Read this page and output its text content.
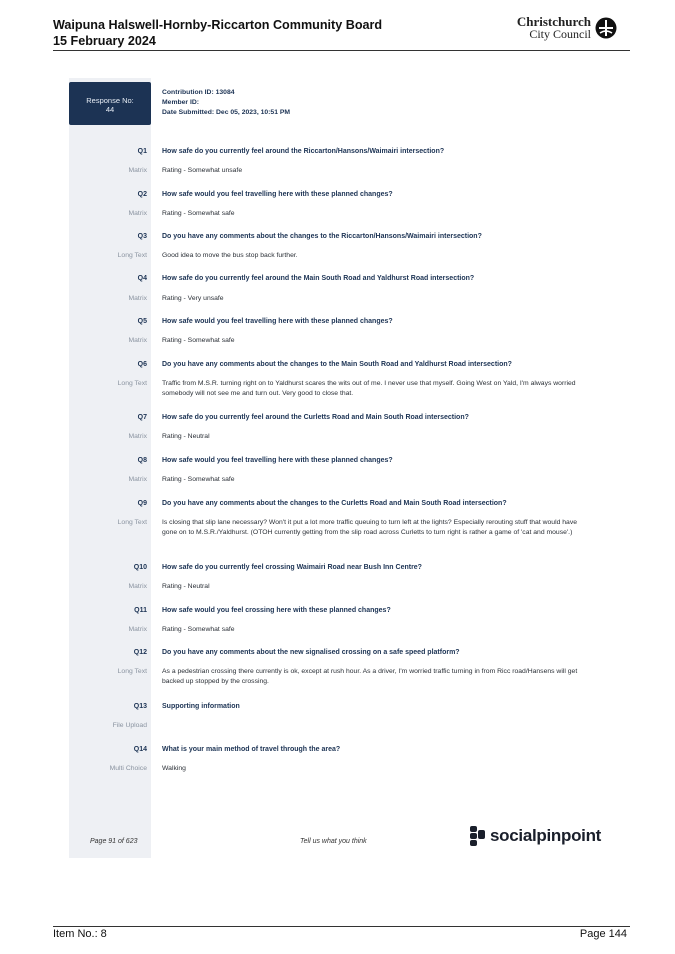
Waipuna Halswell-Hornby-Riccarton Community Board
15 February 2024
Christchurch
City Council
Response No:
44
Contribution ID: 13084
Member ID:
Date Submitted: Dec 05, 2023, 10:51 PM
Q1 How safe do you currently feel around the Riccarton/Hansons/Waimairi intersection?
Matrix Rating - Somewhat unsafe
Q2 How safe would you feel travelling here with these planned changes?
Matrix Rating - Somewhat safe
Q3 Do you have any comments about the changes to the Riccarton/Hansons/Waimairi intersection?
Long Text Good idea to move the bus stop back further.
Q4 How safe do you currently feel around the Main South Road and Yaldhurst Road intersection?
Matrix Rating - Very unsafe
Q5 How safe would you feel travelling here with these planned changes?
Matrix Rating - Somewhat safe
Q6 Do you have any comments about the changes to the Main South Road and Yaldhurst Road intersection?
Long Text Traffic from M.S.R. turning right on to Yaldhurst scares the wits out of me. I never use that myself. Going West on Yald, I'm always worried somebody will not see me and turn out. Very good to close that.
Q7 How safe do you currently feel around the Curletts Road and Main South Road intersection?
Matrix Rating - Neutral
Q8 How safe would you feel travelling here with these planned changes?
Matrix Rating - Somewhat safe
Q9 Do you have any comments about the changes to the Curletts Road and Main South Road intersection?
Long Text Is closing that slip lane necessary? Won't it put a lot more traffic queuing to turn left at the lights? Especially rerouting stuff that would have gone on to M.S.R./Yaldhurst. (OTOH currently getting from the slip road across Curletts to turn right is rather a game of 'cat and mouse'.)
Q10 How safe do you currently feel crossing Waimairi Road near Bush Inn Centre?
Matrix Rating - Neutral
Q11 How safe would you feel crossing here with these planned changes?
Matrix Rating - Somewhat safe
Q12 Do you have any comments about the new signalised crossing on a safe speed platform?
Long Text As a pedestrian crossing there currently is ok, except at rush hour. As a driver, I'm worried traffic turning in from Ricc road/Hansens will get backed up stopped by the crossing.
Q13 Supporting information
File Upload
Q14 What is your main method of travel through the area?
Multi Choice Walking
Page 91 of 623	Tell us what you think	socialpinpoint
Item No.: 8	Page 144
